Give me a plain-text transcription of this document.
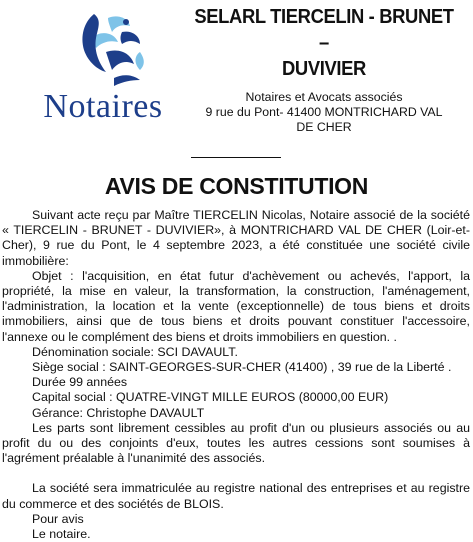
Notaires
SELARL TIERCELIN - BRUNET –
DUVIVIER
Notaires et Avocats associés
9 rue du Pont- 41400 MONTRICHARD VAL
DE CHER
AVIS DE CONSTITUTION

Suivant acte reçu par Maître TIERCELIN Nicolas, Notaire associé de la société « TIERCELIN - BRUNET - DUVIVIER», à MONTRICHARD VAL DE CHER (Loir-et-Cher), 9 rue du Pont, le 4 septembre 2023, a été constituée une société civile immobilière:

Objet : l'acquisition, en état futur d'achèvement ou achevés, l'apport, la propriété, la mise en valeur, la transformation, la construction, l'aménagement, l'administration, la location et la vente (exceptionnelle) de tous biens et droits immobiliers, ainsi que de tous biens et droits pouvant constituer l'accessoire, l'annexe ou le complément des biens et droits immobiliers en question. .

Dénomination sociale: SCI DAVAULT.

Siège social : SAINT-GEORGES-SUR-CHER (41400) , 39 rue de la Liberté .

Durée 99 années

Capital social : QUATRE-VINGT MILLE EUROS (80000,00 EUR)

Gérance: Christophe DAVAULT

Les parts sont librement cessibles au profit d'un ou plusieurs associés ou au profit du ou des conjoints d'eux, toutes les autres cessions sont soumises à l'agrément préalable à l'unanimité des associés.

La société sera immatriculée au registre national des entreprises et au registre du commerce et des sociétés de BLOIS.

Pour avis

Le notaire.
